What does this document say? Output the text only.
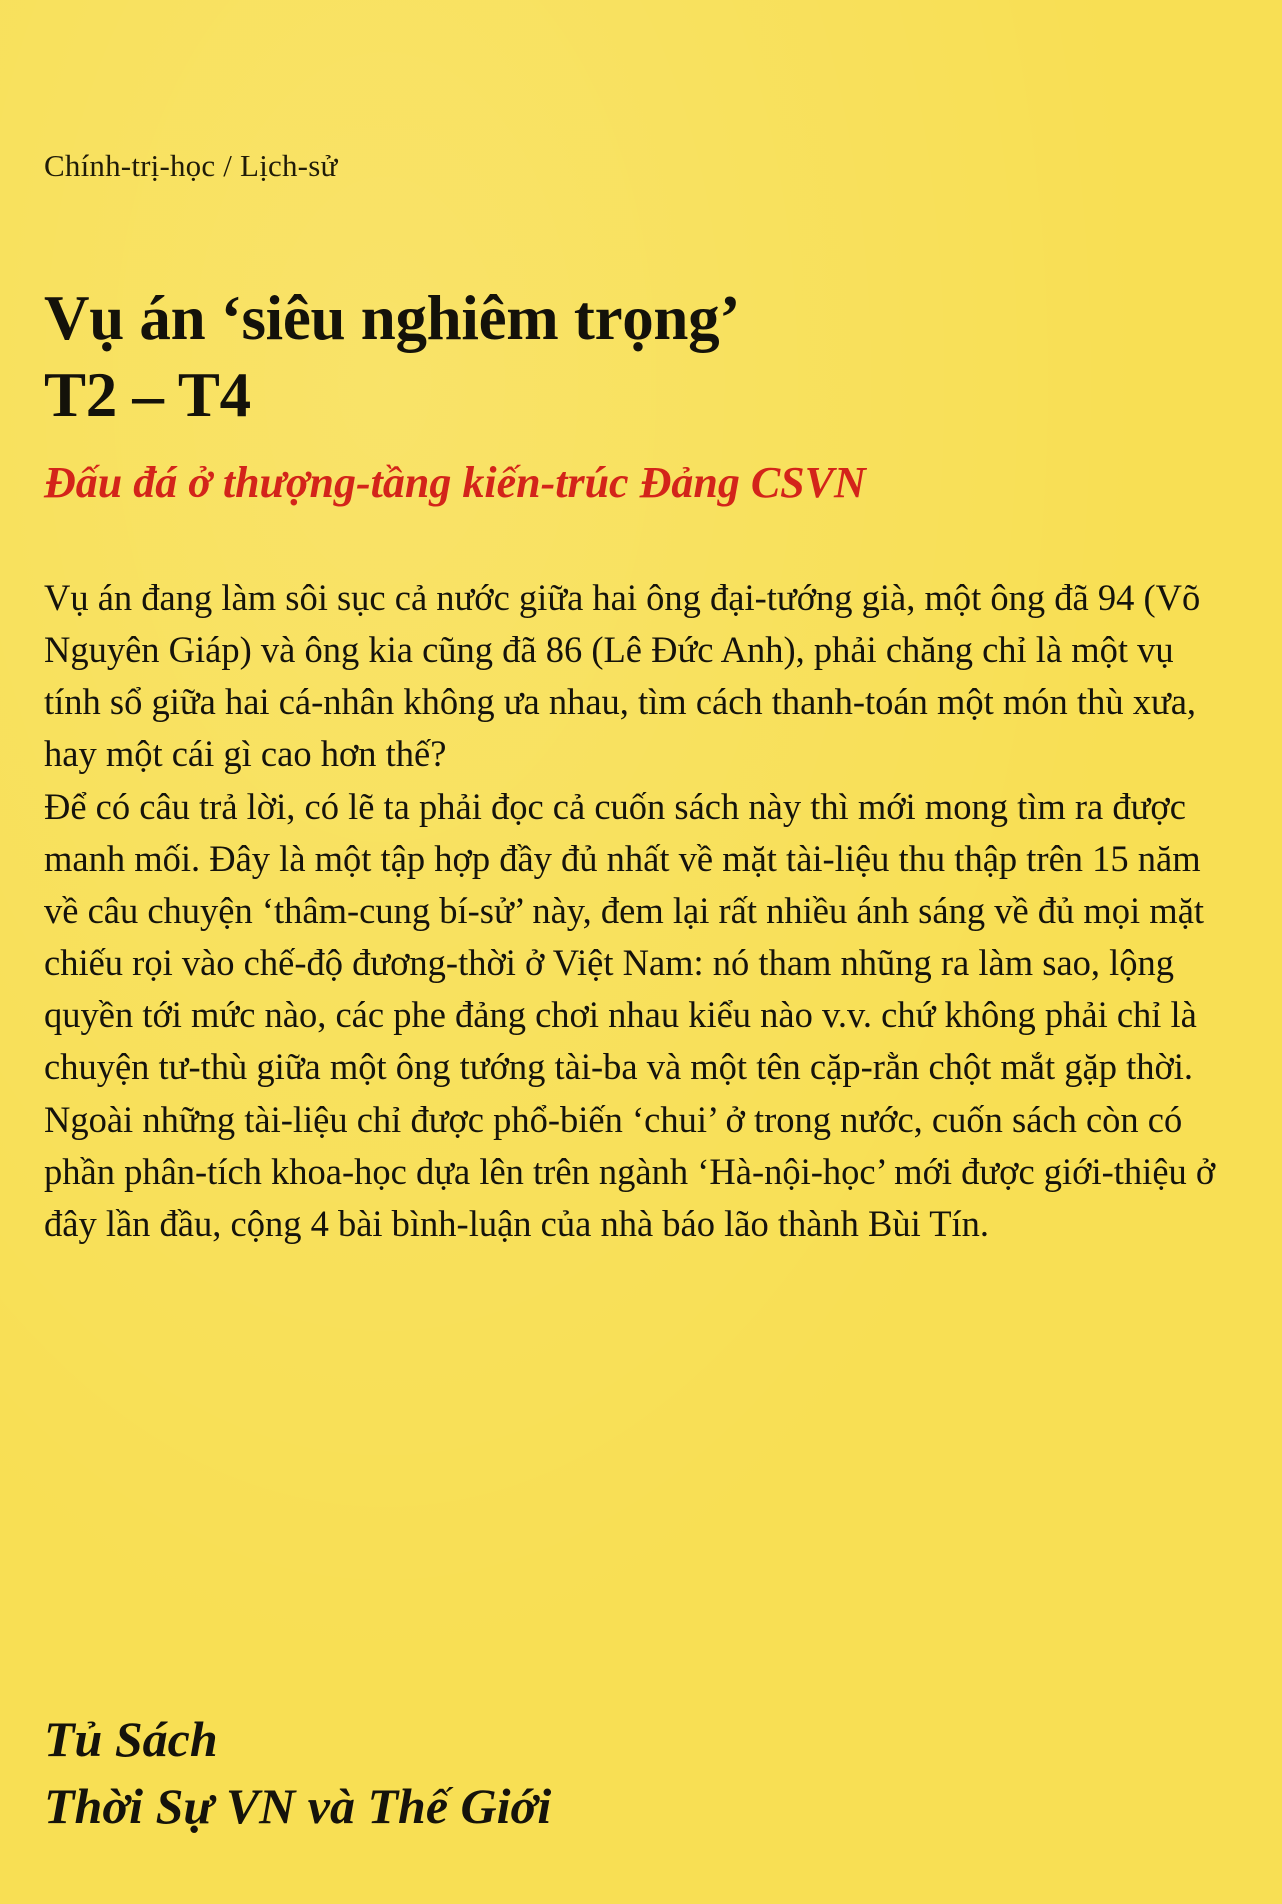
Chính-trị-học / Lịch-sử
Vụ án ‘siêu nghiêm trọng’
T2 – T4
Đấu đá ở thượng-tầng kiến-trúc Đảng CSVN

Vụ án đang làm sôi sục cả nước giữa hai ông đại-tướng già, một ông đã 94 (Võ Nguyên Giáp) và ông kia cũng đã 86 (Lê Đức Anh), phải chăng chỉ là một vụ tính sổ giữa hai cá-nhân không ưa nhau, tìm cách thanh-toán một món thù xưa, hay một cái gì cao hơn thế?

Để có câu trả lời, có lẽ ta phải đọc cả cuốn sách này thì mới mong tìm ra được manh mối. Đây là một tập hợp đầy đủ nhất về mặt tài-liệu thu thập trên 15 năm về câu chuyện ‘thâm-cung bí-sử’ này, đem lại rất nhiều ánh sáng về đủ mọi mặt chiếu rọi vào chế-độ đương-thời ở Việt Nam: nó tham nhũng ra làm sao, lộng quyền tới mức nào, các phe đảng chơi nhau kiểu nào v.v. chứ không phải chỉ là chuyện tư-thù giữa một ông tướng tài-ba và một tên cặp-rằn chột mắt gặp thời.

Ngoài những tài-liệu chỉ được phổ-biến ‘chui’ ở trong nước, cuốn sách còn có phần phân-tích khoa-học dựa lên trên ngành ‘Hà-nội-học’ mới được giới-thiệu ở đây lần đầu, cộng 4 bài bình-luận của nhà báo lão thành Bùi Tín.

Tủ Sách
Thời Sự VN và Thế Giới
